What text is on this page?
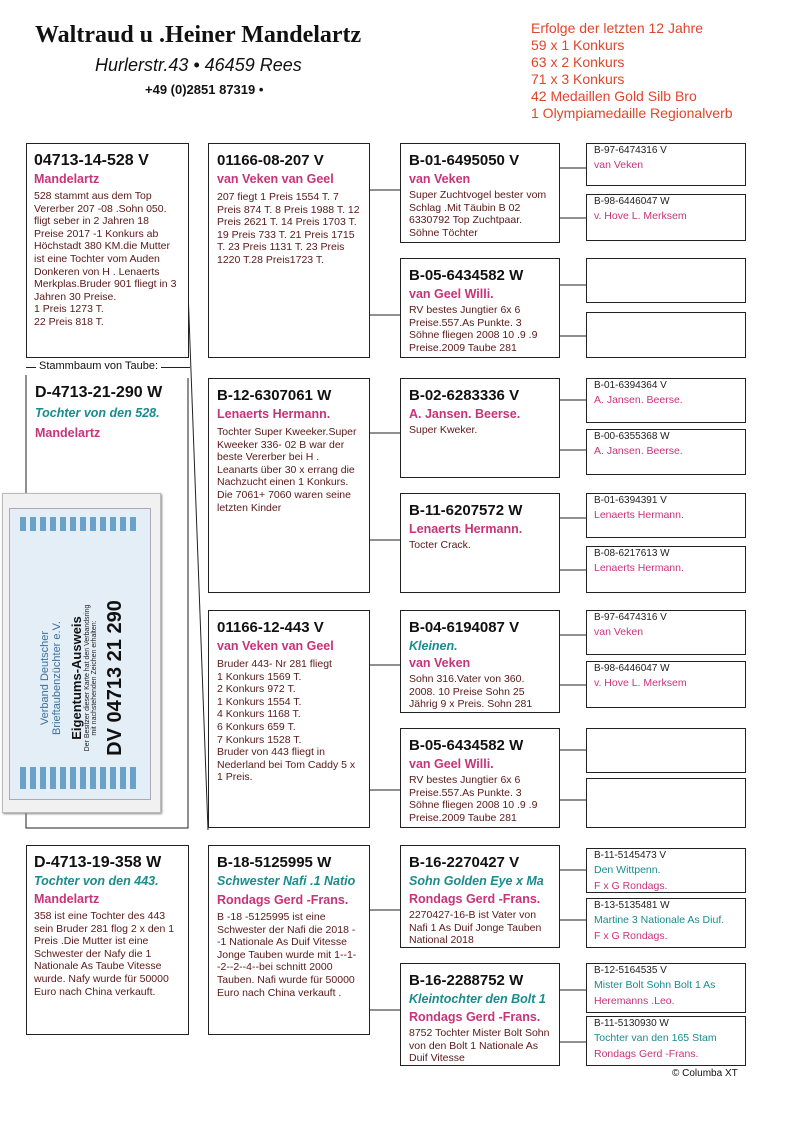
Waltraud u .Heiner Mandelartz
Hurlerstr.43 • 46459 Rees
+49 (0)2851 87319 •
Erfolge der letzten 12 Jahre
59 x 1 Konkurs
63 x 2 Konkurs
71 x 3 Konkurs
42 Medaillen Gold Silb Bro
1 Olympiamedaille Regionalverb
04713-14-528 V
Mandelartz
528 stammt aus dem Top Vererber 207 -08 .Sohn 050. fligt seber in 2 Jahren 18 Preise 2017 -1 Konkurs ab Höchstadt 380 KM.die Mutter ist eine Tochter vom Auden Donkeren von H . Lenaerts Merkplas.Bruder 901 fliegt in 3 Jahren 30 Preise.
1 Preis 1273 T.
22 Preis 818 T.
Stammbaum von Taube:
D-4713-21-290 W
Tochter von den 528.
Mandelartz
Verband Deutscher Brieftaubenzüchter e.V. Eigentums-Ausweis Der Besitzer dieser Karte hat den Verbandsring mit nachstehenden Zeichen erhalten: DV 04713 21 290
D-4713-19-358 W
Tochter von den 443.
Mandelartz
358 ist eine Tochter des 443 sein Bruder 281 flog 2 x den 1 Preis .Die Mutter ist eine Schwester der Nafy die 1 Nationale As Taube Vitesse wurde. Nafy wurde für 50000 Euro nach China verkauft.
01166-08-207 V
van Veken van Geel
207 fiegt 1 Preis 1554 T. 7 Preis 874 T. 8 Preis 1988 T. 12 Preis 2621 T. 14 Preis 1703 T. 19 Preis 733 T. 21 Preis 1715 T. 23 Preis 1131 T. 23 Preis 1220 T.28 Preis1723 T.
B-12-6307061 W
Lenaerts Hermann.
Tochter Super Kweeker.Super Kweeker 336- 02 B war der beste Vererber bei H . Leanarts über 30 x errang die Nachzucht einen 1 Konkurs. Die 7061+ 7060 waren seine letzten Kinder
01166-12-443 V
van Veken van Geel
Bruder 443- Nr 281 fliegt
1 Konkurs 1569 T.
2 Konkurs 972 T.
1 Konkurs 1554 T.
4 Konkurs 1168 T.
6 Konkurs 659 T.
7 Konkurs 1528 T.
Bruder von 443 fliegt in Nederland bei Tom Caddy 5 x 1 Preis.
B-18-5125995 W
Schwester Nafi .1 Natio
Rondags Gerd -Frans.
B -18 -5125995 ist eine Schwester der Nafi die 2018 - -1 Nationale As Duif Vitesse Jonge Tauben wurde mit 1--1--2--2--4--bei schnitt 2000 Tauben. Nafi wurde für 50000 Euro nach China verkauft .
B-01-6495050 V
van Veken
Super Zuchtvogel bester vom Schlag .Mit Täubin B 02 6330792 Top Zuchtpaar. Söhne Töchter
B-05-6434582 W
van Geel Willi.
RV bestes Jungtier 6x 6 Preise.557.As Punkte. 3 Söhne fliegen 2008 10 .9 .9 Preise.2009 Taube 281
B-02-6283336 V
A. Jansen. Beerse.
Super Kweker.
B-11-6207572 W
Lenaerts Hermann.
Tocter Crack.
B-04-6194087 V
Kleinen.
van Veken
Sohn 316.Vater von 360. 2008. 10 Preise Sohn 25 Jährig 9 x Preis. Sohn 281
B-05-6434582 W
van Geel Willi.
RV bestes Jungtier 6x 6 Preise.557.As Punkte. 3 Söhne fliegen 2008 10 .9 .9 Preise.2009 Taube 281
B-16-2270427 V
Sohn Golden Eye x Ma
Rondags Gerd -Frans.
2270427-16-B ist Vater von Nafi 1 As Duif Jonge Tauben National 2018
B-16-2288752 W
Kleintochter den Bolt 1
Rondags Gerd -Frans.
8752 Tochter Mister Bolt Sohn von den Bolt 1 Nationale As Duif Vitesse
B-97-6474316 V
van Veken
B-98-6446047 W
v. Hove L. Merksem
B-01-6394364 V
A. Jansen. Beerse.
B-00-6355368 W
A. Jansen. Beerse.
B-01-6394391 V
Lenaerts Hermann.
B-08-6217613 W
Lenaerts Hermann.
B-97-6474316 V
van Veken
B-98-6446047 W
v. Hove L. Merksem
B-11-5145473 V
Den Wittpenn.
F x G Rondags.
B-13-5135481 W
Martine 3 Nationale As Diuf.
F x G Rondags.
B-12-5164535 V
Mister Bolt Sohn Bolt 1 As
Heremanns .Leo.
B-11-5130930 W
Tochter van den 165 Stam
Rondags Gerd -Frans.
© Columba XT
